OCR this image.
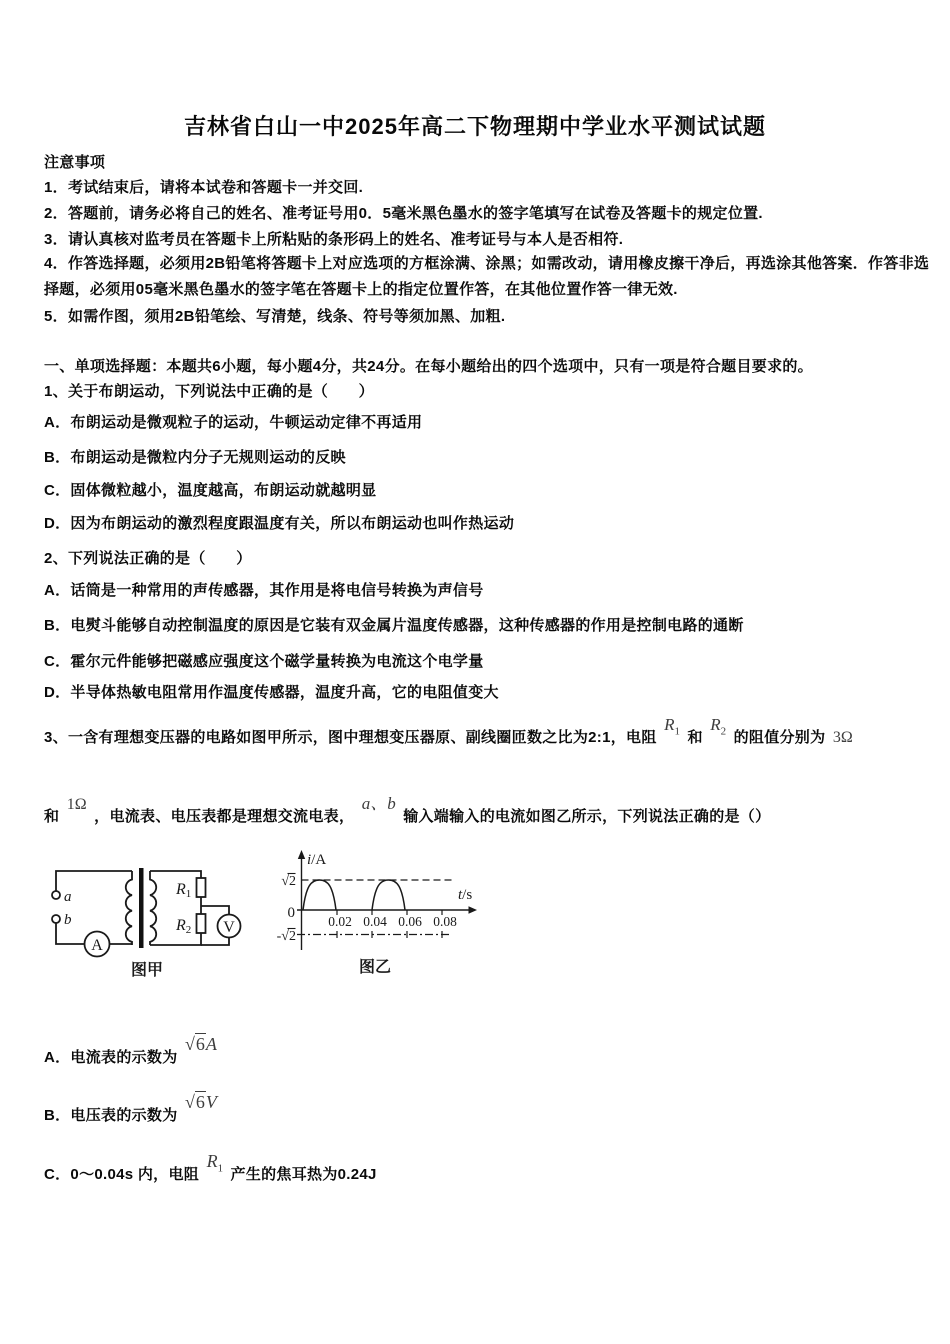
吉林省白山一中2025年高二下物理期中学业水平测试试题

注意事项

1．考试结束后，请将本试卷和答题卡一并交回.

2．答题前，请务必将自己的姓名、准考证号用0．5毫米黑色墨水的签字笔填写在试卷及答题卡的规定位置.

3．请认真核对监考员在答题卡上所粘贴的条形码上的姓名、准考证号与本人是否相符.

4．作答选择题，必须用2B铅笔将答题卡上对应选项的方框涂满、涂黑；如需改动，请用橡皮擦干净后，再选涂其他答案．作答非选择题，必须用05毫米黑色墨水的签字笔在答题卡上的指定位置作答，在其他位置作答一律无效.

5．如需作图，须用2B铅笔绘、写清楚，线条、符号等须加黑、加粗.

一、单项选择题：本题共6小题，每小题4分，共24分。在每小题给出的四个选项中，只有一项是符合题目要求的。

1、关于布朗运动，下列说法中正确的是（　　）

A．布朗运动是微观粒子的运动，牛顿运动定律不再适用

B．布朗运动是微粒内分子无规则运动的反映

C．固体微粒越小，温度越高，布朗运动就越明显

D．因为布朗运动的激烈程度跟温度有关，所以布朗运动也叫作热运动

2、下列说法正确的是（　　）

A．话筒是一种常用的声传感器，其作用是将电信号转换为声信号

B．电熨斗能够自动控制温度的原因是它装有双金属片温度传感器，这种传感器的作用是控制电路的通断

C．霍尔元件能够把磁感应强度这个磁学量转换为电流这个电学量

D．半导体热敏电阻常用作温度传感器，温度升高，它的电阻值变大

3、一含有理想变压器的电路如图甲所示，图中理想变压器原、副线圈匝数之比为2:1，电阻 $R_1$ 和 $R_2$ 的阻值分别为 3Ω

和 1Ω ，电流表、电压表都是理想交流电表， a、b 输入端输入的电流如图乙所示，下列说法正确的是（）

a
b
A
V
R1
R2
图甲
i/A
t/s
√2
0
-√2
0.02 0.04 0.06 0.08
图乙

A．电流表的示数为 √6A

B．电压表的示数为 √6V

C．0～0.04s 内，电阻 $R_1$ 产生的焦耳热为0.24J
